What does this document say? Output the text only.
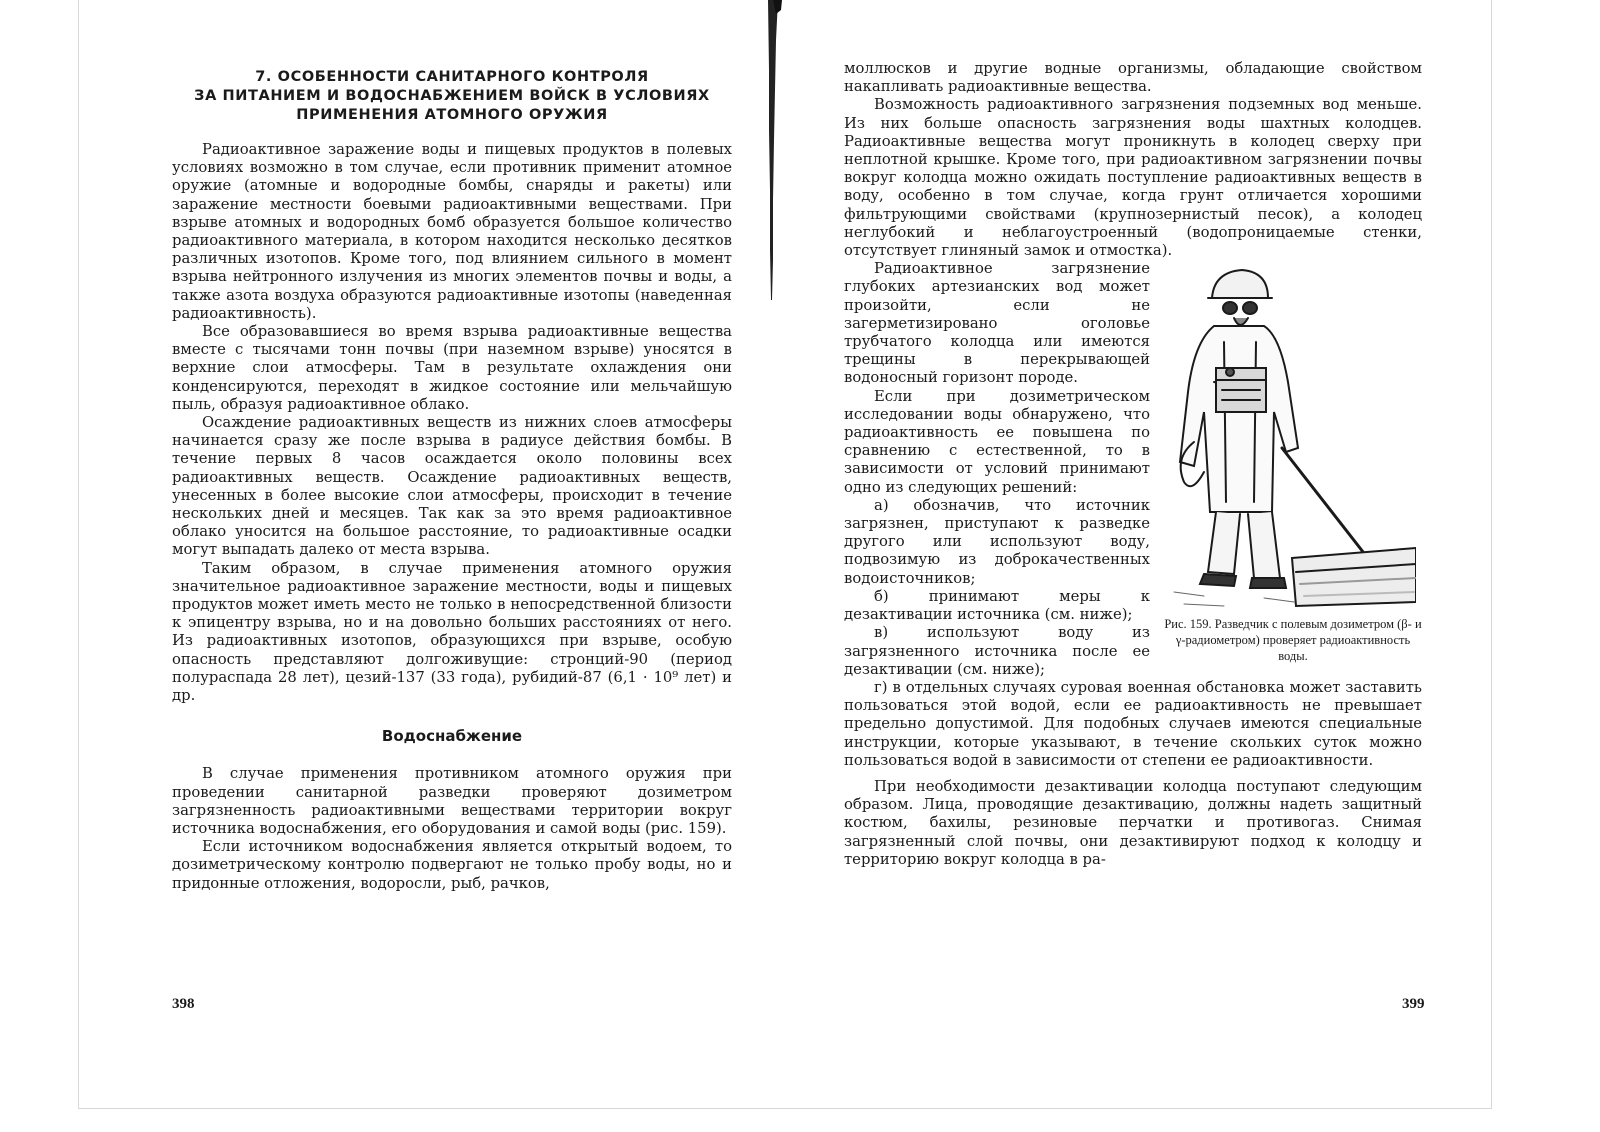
7. ОСОБЕННОСТИ САНИТАРНОГО КОНТРОЛЯ
ЗА ПИТАНИЕМ И ВОДОСНАБЖЕНИЕМ ВОЙСК В УСЛОВИЯХ
ПРИМЕНЕНИЯ АТОМНОГО ОРУЖИЯ

Радиоактивное заражение воды и пищевых продуктов в полевых условиях возможно в том случае, если противник применит атомное оружие (атомные и водородные бомбы, снаряды и ракеты) или заражение местности боевыми радиоактивными веществами. При взрыве атомных и водородных бомб образуется большое количество радиоактивного материала, в котором находится несколько десятков различных изотопов. Кроме того, под влиянием сильного в момент взрыва нейтронного излучения из многих элементов почвы и воды, а также азота воздуха образуются радиоактивные изотопы (наведенная радиоактивность).

Все образовавшиеся во время взрыва радиоактивные вещества вместе с тысячами тонн почвы (при наземном взрыве) уносятся в верхние слои атмосферы. Там в результате охлаждения они конденсируются, переходят в жидкое состояние или мельчайшую пыль, образуя радиоактивное облако.

Осаждение радиоактивных веществ из нижних слоев атмосферы начинается сразу же после взрыва в радиусе действия бомбы. В течение первых 8 часов осаждается около половины всех радиоактивных веществ. Осаждение радиоактивных веществ, унесенных в более высокие слои атмосферы, происходит в течение нескольких дней и месяцев. Так как за это время радиоактивное облако уносится на большое расстояние, то радиоактивные осадки могут выпадать далеко от места взрыва.

Таким образом, в случае применения атомного оружия значительное радиоактивное заражение местности, воды и пищевых продуктов может иметь место не только в непосредственной близости к эпицентру взрыва, но и на довольно больших расстояниях от него. Из радиоактивных изотопов, образующихся при взрыве, особую опасность представляют долгоживущие: стронций-90 (период полураспада 28 лет), цезий-137 (33 года), рубидий-87 (6,1 · 10⁹ лет) и др.

Водоснабжение

В случае применения противником атомного оружия при проведении санитарной разведки проверяют дозиметром загрязненность радиоактивными веществами территории вокруг источника водоснабжения, его оборудования и самой воды (рис. 159).

Если источником водоснабжения является открытый водоем, то дозиметрическому контролю подвергают не только пробу воды, но и придонные отложения, водоросли, рыб, рачков,

398

моллюсков и другие водные организмы, обладающие свойством накапливать радиоактивные вещества.

Возможность радиоактивного загрязнения подземных вод меньше. Из них больше опасность загрязнения воды шахтных колодцев. Радиоактивные вещества могут проникнуть в колодец сверху при неплотной крышке. Кроме того, при радиоактивном загрязнении почвы вокруг колодца можно ожидать поступление радиоактивных веществ в воду, особенно в том случае, когда грунт отличается хорошими фильтрующими свойствами (крупнозернистый песок), а колодец неглубокий и неблагоустроенный (водопроницаемые стенки, отсутствует глиняный замок и отмостка).

Рис. 159. Разведчик с полевым дозиметром (β- и γ-радиометром) проверяет радиоактивность воды.

Радиоактивное загрязнение глубоких артезианских вод может произойти, если не загерметизировано оголовье трубчатого колодца или имеются трещины в перекрывающей водоносный горизонт породе.

Если при дозиметрическом исследовании воды обнаружено, что радиоактивность ее повышена по сравнению с естественной, то в зависимости от условий принимают одно из следующих решений:

а) обозначив, что источник загрязнен, приступают к разведке другого или используют воду, подвозимую из доброкачественных водоисточников;

б) принимают меры к дезактивации источника (см. ниже);

в) используют воду из загрязненного источника после ее дезактивации (см. ниже);

г) в отдельных случаях суровая военная обстановка может заставить пользоваться этой водой, если ее радиоактивность не превышает предельно допустимой. Для подобных случаев имеются специальные инструкции, которые указывают, в течение скольких суток можно пользоваться водой в зависимости от степени ее радиоактивности.

При необходимости дезактивации колодца поступают следующим образом. Лица, проводящие дезактивацию, должны надеть защитный костюм, бахилы, резиновые перчатки и противогаз. Снимая загрязненный слой почвы, они дезактивируют подход к колодцу и территорию вокруг колодца в ра-

399
